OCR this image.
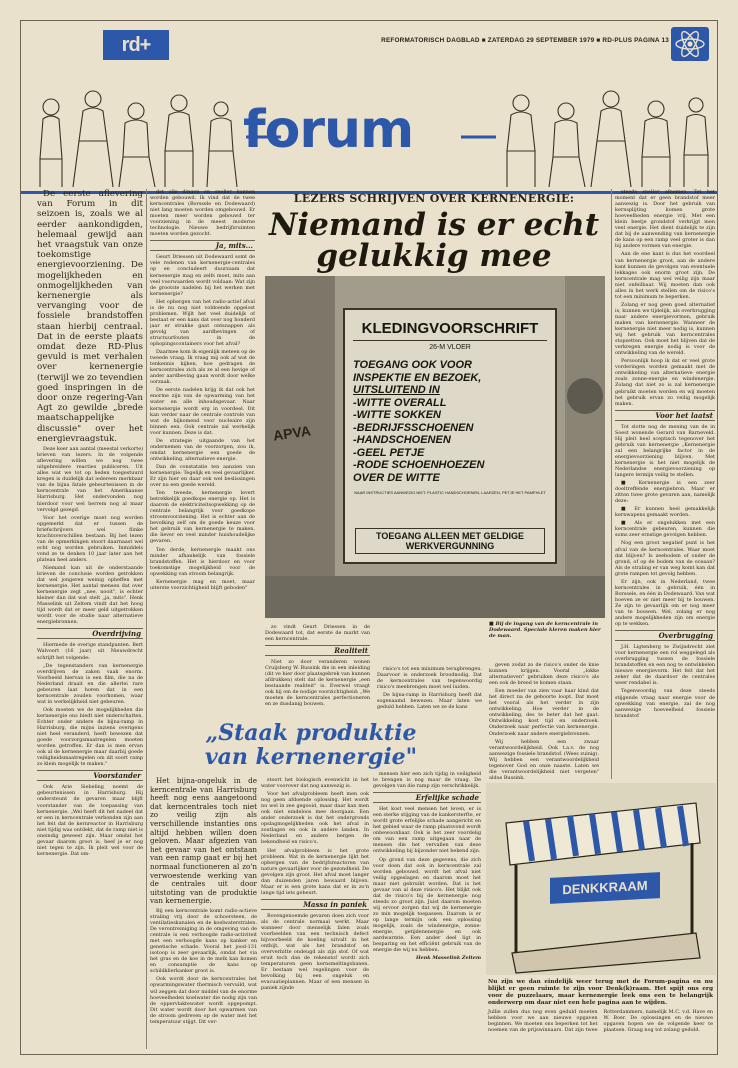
rd+	REFORMATORISCH DAGBLAD ■ ZATERDAG 29 SEPTEMBER 1979 ■ RD-PLUS PAGINA 13
forum

De eerste aflevering van Forum in dit seizoen is, zoals we al eerder aankondigden, helemaal gewijd aan het vraagstuk van onze toekomstige energievoorziening. De mogelijkheden en onmogelijkheden van kernenergie als vervanging voor de fossiele brandstoffen staan hierbij centraal. Dat in de eerste plaats omdat deze RD-Plus gevuld is met verhalen over kernenergie (terwijl we zo tevendien goed inspringen in de door onze regering-Van Agt zo gewilde „brede maatschappelijke discussie" over het energievraagstuk.

Deze keer aan aantal (meestal verkorte) brieven van lezers. In de volgende aflevering willen we nog twee uitgebreidere reacties publiceren. Uit alles wat we tot op heden toegestuurd kregen is duidelijk dat iedereen merkbaar van de bijna fatale gebeurtenissen in de kerncentrale van het Amerikaanse Harrisburg. Het ondervonden nog hierdoor voor wel herrem nog al maar vervolgd gezegd.

Voor het overige moet nog worden opgemerkt dat er tussen de briefschrijvers wel flinke krachtsverschillen bestaan. Bij het lezen van de opmerkingen stoort daarnaast wel echt nog worden gebruiken. Inmiddels vond ze te denken 10 jaar later aan het plateau heel anders.

Niemand kan uit de onderstaande brieven de conclusie worden getrokken dat wel jongeren weinig opheffen met kernenergie. Het aantal mensen dat over kernenergie zegt „nee, nooit", is echter kleiner dan dat wat stelt „ja, mits". Henk Masselink uit Zeltem vindt dat het hoog tijd wordt dat er meer geld uitgetrokken wordt voor de studie naar alternatieve energiebronnen.

Overdrijving

Hiermede de overige standpunten. Bert Walvoort (16 jaar) uit Nieuwdrecht schrijft het volgende:

„De tegenstanders van kernenergie overdrijven de zaken vaak enorm. Voorbeeld hiervan is een film, die na de Nederland draait en die allerlei rare gebeuren laat horen dat in een kerncentrale zouden voorkomen, waar wat in werkelijkheid niet gebeuren.

Ook moeten we de mogelijkheden die kernenergie ons biedt niet onderschatten. Echter onder andere de bijna-ramp in Harrisburg, die mijns inziens overigens niet heel veranderd, heeft bewezen dat goede voorzorgsmaatregelen moeten worden getroffen. Er dan is men ervan ook al de kernenergie maar daarbij goede veiligheidsmaatregelen om dit soort ramp zo klein mogelijk te maken."

Voorstander

Ook Arie Siebeling noemt de gebeurtenissen in Harrisburg. Hij ondersteunt de gevaren maar blijft voorstander van de toepassing van kernenergie. „Wel heeft dit het nadeel dat er een in kerncentrale verbonden zijn aan het feit dat de kernreactor in Harrisburg niet tijdig was ontdekt, dat de ramp niet is oneindig geweest zijn. Maar omdat het gevaar daarom groot is, heef je er nog niet tegen te zijn. Ik pleit wel voor de kernenergie. Dat om-

dat alle dingen en sneller kunnen worden gebouwd. Ik vind dat de twee kerncentrales (Borssele en Dodewaard) niet lang moeten worden omgebouwd. Er moeten meer worden gebouwd ter voorziening in de meest moderne technologie. Nieuwe bedrijfsruimten moeten worden gezocht.

Ja, mits...

Geurt Driessen uit Dodewaard somt de vele redenen van kernenergie-centrales op en concludeert duurzaam dat kernenergie mag en zelfs moet, mits aan veel voorwaarden wordt voldaan: Wat zijn de grootste nadelen bij het werken met kernenergie?

Het opbergen van het radio-actief afval is de nu nog niet voldoende opgelost problemen. Wijlt het veel duidelijk of bestaat er een kans dat over nog honderd jaar er strakke gaat ontsnappen als gevolg van aardbevingen of structuurfouten in de ophopingscontainers voor het afval?

Daarmee kom ik eigenlijk meteen op de tweede vraag. Ik vraag mij ook af wat de tenkennis kijken, hoe gedragen de kerncentrales zich als ze al een hevige of ander aardbeving gaan wordt door welke oorzaak.

De eerste nadelen krijg ik dat ook het enorme zijn van de opwarming van het water en alle inhoudsgevaar. Naar kernenergie wordt erg in voordeel. Dit kan verder naar de centrale controle van wat de bijkomend voor nucleaire zijn binnen een. Ook centrale zal werkelijk voor kunnen. Deze is dat.

De strategie uitgaande van het ondernemen van de voorzorgen, zou ik, omdat kernenergie een goede de ontwikkeling, alternatieve energie.

Dan de constatatie ten aanzien van kernenergie: Tegelijk en veel gevaarlijker. Er zijn hier en daar ook wel beslissingen over nu een goede wereld.

Ten tweede, kernenergie levert betrekkelijk goedkope energie op. Het is daarom de elektriciteitsopwekking op de centrale belangrijk voor goedkope stroomvoorziening. Het is echter aan de bevolking zelf om de goede keuze voor het gebruik van kernenergie te maken, die liever en veel minder huishoudelijke gevaren.

Ten derde, kernenergie maakt ons minder afhankelijk van fossiele brandstoffen. Het is hierdoor en voor toekomstige mogelijkheid voor de opwekking van stroom belangrijk.

Kernenergie mag en moet, maar uiterste voorzichtigheid blijft geboden"

LEZERS SCHRIJVEN OVER KERNENERGIE:
Niemand is er echt gelukkig mee
APVA
KLEDINGVOORSCHRIFT
26-M VLOER
TOEGANG OOK VOOR
INSPEKTIE EN BEZOEK,
UITSLUITEND IN
-WITTE OVERALL
-WITTE SOKKEN
-BEDRIJFSSCHOENEN
-HANDSCHOENEN
-GEEL PETJE
-RODE SCHOENHOEZEN
OVER DE WITTE
NAAR INSTRUCTIES AANWEZIG NIET. PLASTIC HANDSCHOENEN, LAARZEN, PETJE HET PAMPHLET
TOEGANG ALLEEN MET GELDIGE WERKVERGUNNING
■ Bij de ingang van de kerncentrale in Dodewaard. Speciale kleren maken hier de man.

zo vindt Geurt Driessen in de Dodewaard tot, dat eerste de markt van een kerncentrale.

Realiteit

Niet zo door veranderen wonen Cruijsberg W. Bussink die in een inleiding (dit ve hier door plaatsgebrek van kunnen afdrukken) stelt dat de kernenergie „een bestaande realiteit" is. Everwel vraagt ook hij om de nodige voorzichtigheid: „We moeten de kerncentrales perfectioneren en ze dusdanig bouwen.

risico's tot een minimum terugbrengen. Daarvoor is onderzoek broodnodig. Dat de kerncentrales van tegenwoordig risico's meebrengen moet wel luiden.

De bijna-ramp in Harrisburg heeft dat sogenaamd bewezen. Maar laten we geduld hebben. Laten we ze de kans

geven zodat zo de risico's onder de knie kunnen krijgen. Vooral „lokke alternatieven" gebruiken deze risico's als een ook de breed te komen staan.

Een moeder van zien vaar haar kind dat het direct na de geboorte loopt. Dat moet het vooral als het verder in zijn ontwikkeling. Hoe verder in de ontwikkeling, des te beter dat het gaat. Ontwikkeling kost tijd en onderzoek. Onderzoek naar perfectie van kernenergie. Onderzoek naar andere energiebronnen.

Wij hebben een zwaar verantwoordelijkheid. Ook t.a.v. de nog aanwezige fossiele brandstof. (Wees zuinig). Wij hebben een verantwoordelijkheid tegenover God en onze naaste. Laten we die verantwoordelijkheid niet vergeten" aldus Bussink.

„Staak produktie van kernenergie"

Het bijna-ongeluk in de kerncentrale van Harrisburg heeft nog eens aangetoond dat kerncentrales toch niet zo veilig zijn als verschillende instanties ons altijd hebben willen doen geloven. Maar afgezien van het gevaar van het ontstaan van een ramp gaat er bij het normaal functioneren al zo'n verwoestende werking van de centrales uit door uitstoting van de produktie van kernenergie.

Bij een kerncentrale komt radio-actieve straling vrij door de schoorsteen, de ventilatieskanalen en de koelwaterstralen. De verontreiniging in de omgeving van de centrale is een verhoogde radio-activiteit met een verhoogde kans op kanker en genetische schade. Vooral het jood-131 isotoop is zeer gevaarlijk, omdat het via het gras en de koe in de melk kan komen en consumptie de kans op schildklierkanker groot is.

Ook wordt door de kerncentrales het opwarmingswater thermisch vervuild, wat wil zeggen dat door middel van de enorme hoeveelheden koelwater die nodig zijn van de oppervlaktewater wordt opgepompt. Dit water wordt door het opwarmen van de stroom gedreven op de water met het temperatuur stijgt. Dit ver-

stoort het biologisch evenwicht in het water voorover dat nog aanwezig is.

Voor het afvalprobleem heeft men ook nog geen afdoende oplossing. Het wordt nu wel in zee gegooid, maar daar kan men ook niet eindeloos mee doorgaan. Een ander onderzoek is dat het ondergronds opslagmogelijkheden ook het afval in zoutlagen en ook in andere landen. In Nederland en andere bergen de bekendheid en risico's.

Het afvalprobleem is het grote probleem. Wat in de kernenergie lijkt het opbergen van de bedrijfsreactoren van nature gevaarlijker voor de gezondheid. De gevolgen zijn groot. Het afval moet langer dan duizenden jaren bewaard blijven. Maar er is een grote kans dat er in zo'n lange tijd iets gebeurt.

Massa in paniek

Bovengenoemde gevaren doen zich voor als de centrale normaal werkt. Maar wanneer door menselijk falen zoals voorbeelden van een technisch defect bijvoorbeeld de koeling uitvalt in het ontbijt, wat als het brandstof en oververhitte ondeugd als zijn stof. Of wat eruit toch dan de rekenstof wordt zich temperaturen geen kernsmeltingsbanen. Er bestaan wel regelingen voor de bevolking bij een ongeluk en evacuatieplannen. Maar of een mensen in paniek zijnde

mensen hier een zich tijdig in veiligheid te brengen is nog maar de vraag. De gevolgen van die ramp zijn verschrikkelijk.

Erfelijke schade

Het kost veel mensen het leven, er is een sterke stijging van de kankersterfte, er wordt grote erfelijke schade aangericht en het gebied waar de ramp plaatsvond wordt onbewoonbaar. Ook is het zeer voordelig om van een ramp uitgegaan naar de mensen die het vervallen van deze ontwikkeling bij bijzonder niet bekend zijn.

Op grond van deze gegevens, die zich voor doen dat ook in kerncentrale zal worden gebouwd, wordt het afval niet veilig opgeslagen en daarom moet het maar niet gebruikt worden. Dat is het gevaar van al deze risico's. Het blijkt ook dat de risico's bij de kernenergie nog steeds zo groot zijn. Juist daarom moeten wij ervoor zorgen dat wij de kernenergie zo min mogelijk toepassen. Daarom is er op lange termijn ook een oplossing mogelijk, zoals de windenergie, zonne-energie, getijdenenergie en ook aardwarmte. Een ander deel ligt in besparing en het efficiënt gebruik van de energie die wij nu hebben.

Henk Masselink Zeltem

steeds sneller afnemen. Tot het moment dat er geen brandstof meer aanwezig is. Door het gebruik van kernsplijting komen grote hoeveelheden energie vrij. Met een klein beetje grondstof verkrijgt men veel energie. Het dient duidelijk te zijn dat bij de aanwending van kernenergie de kans op een ramp veel groter is dan bij andere vormen van energie.

Aan de ene kant is dus het voordeel van kernenergie groot, aan de andere kant kunnen de gevolgen van eventuele lekkages ook enorm groot zijn. De kerncentrale mag wel veilig zijn maar niet onfeilbaar. Wij moeten dan ook alles in het werk stellen om de risico's tot een minimum te beperken.

Zolang er nog geen goed alternatief is, kunnen we tijdelijk, als overbrugging naar andere energievormen, gebruik maken van kernenergie. Wanneer de kernenergie niet meer nodig is, kunnen wij het gebruik van kerncentrales stopzetten. Ook moet het blijven dat de verkregen energie nodig is voor de ontwikkeling van de wereld.

Persoonlijk hoop ik dat er veel grote vorderingen worden gemaakt met de ontwikkeling van alternatieve energie zoals zonne-energie en windenergie. Zolang dat niet zo is zal kernenergie gebruikt moeten worden en wij moeten het gebruik ervan zo veilig mogelijk maken.

Voor het laatst

Tot slotte nog de mening van de in Soest wonende Gerard van Barneveld. Hij pleit heel sceptisch tegenover het gebruik van kernenergie „Kernenergie zal een belangrijke factor in de energievoorziening blijven. Met kernenergie is het niet mogelijk de Nederlandse energievoorziening op langere termijn veilig te stellen.

■ Kernenergie is een zeer doeltreffende energiebron. Maar er zitten twee grote gevaren aan, namelijk deze:

■ Er kunnen heel gemakkelijk kernwapens gemaakt worden.

■ Als er ongelukken met een kerncentrale gebeuren, kunnen die soms zeer ernstige gevolgen hebben.

Nog een groot negatief punt is het afval van de kerncentrales. Waar moet dat blijven? Is zeebodem of onder de grond, of op de bodem van de oceaan? Als de straling er van weg komt kan dat grote rampen tot gevolg hebben.

Er zijn, ook in Nederland, twee kerncentrales in gebruik, één in Borssele, en één in Dodewaard. Van wat hoeven ze er niet meer bij te bouwen. Ze zijn te gevaarlijk om er nog meer van te bouwen. Wel, zolang er nog andere mogelijkheden zijn om energie op te wekken.

Overbrugging

J.H. Ligtenberg te Zwijndrecht ziet voor kernenergie een rol weggelegd als overbrugging tussen de fossiele brandstoffen en een nog te ontwikkelen nieuwe energievorm. Het feit dat het zeker dat de daardoor de centrales weer rendabel is.

Tegenwoordig van deze steeds stijgende vraag naar energie voor de opwekking van energie, zal de nog aanwezige hoeveelheid fossiele brandstof

DENKKRAAM
Nu zijn we dan eindelijk weer terug met de Forum-pagina en nu blijkt er geen ruimte te zijn voor Denk(k)raam. Het spijt ons erg voor de puzzelaars, maar kernenergie leek ons een te belangrijk onderwerp om daar niet een hele pagina aan te wijden.
Jullie zullen dus nog even geduld moeten hebben voor we aan nieuwe opgaven beginnen. We moeten ons beperken tot het noemen van de prijswinnaars. Dat zijn twee Rotterdammers, namelijk M.C. v.d. Have en W. Boer. De oplossingen en de nieuwe opgaven hopen we de volgende keer te plaatsen. Graag nog tot zolang geduld.
